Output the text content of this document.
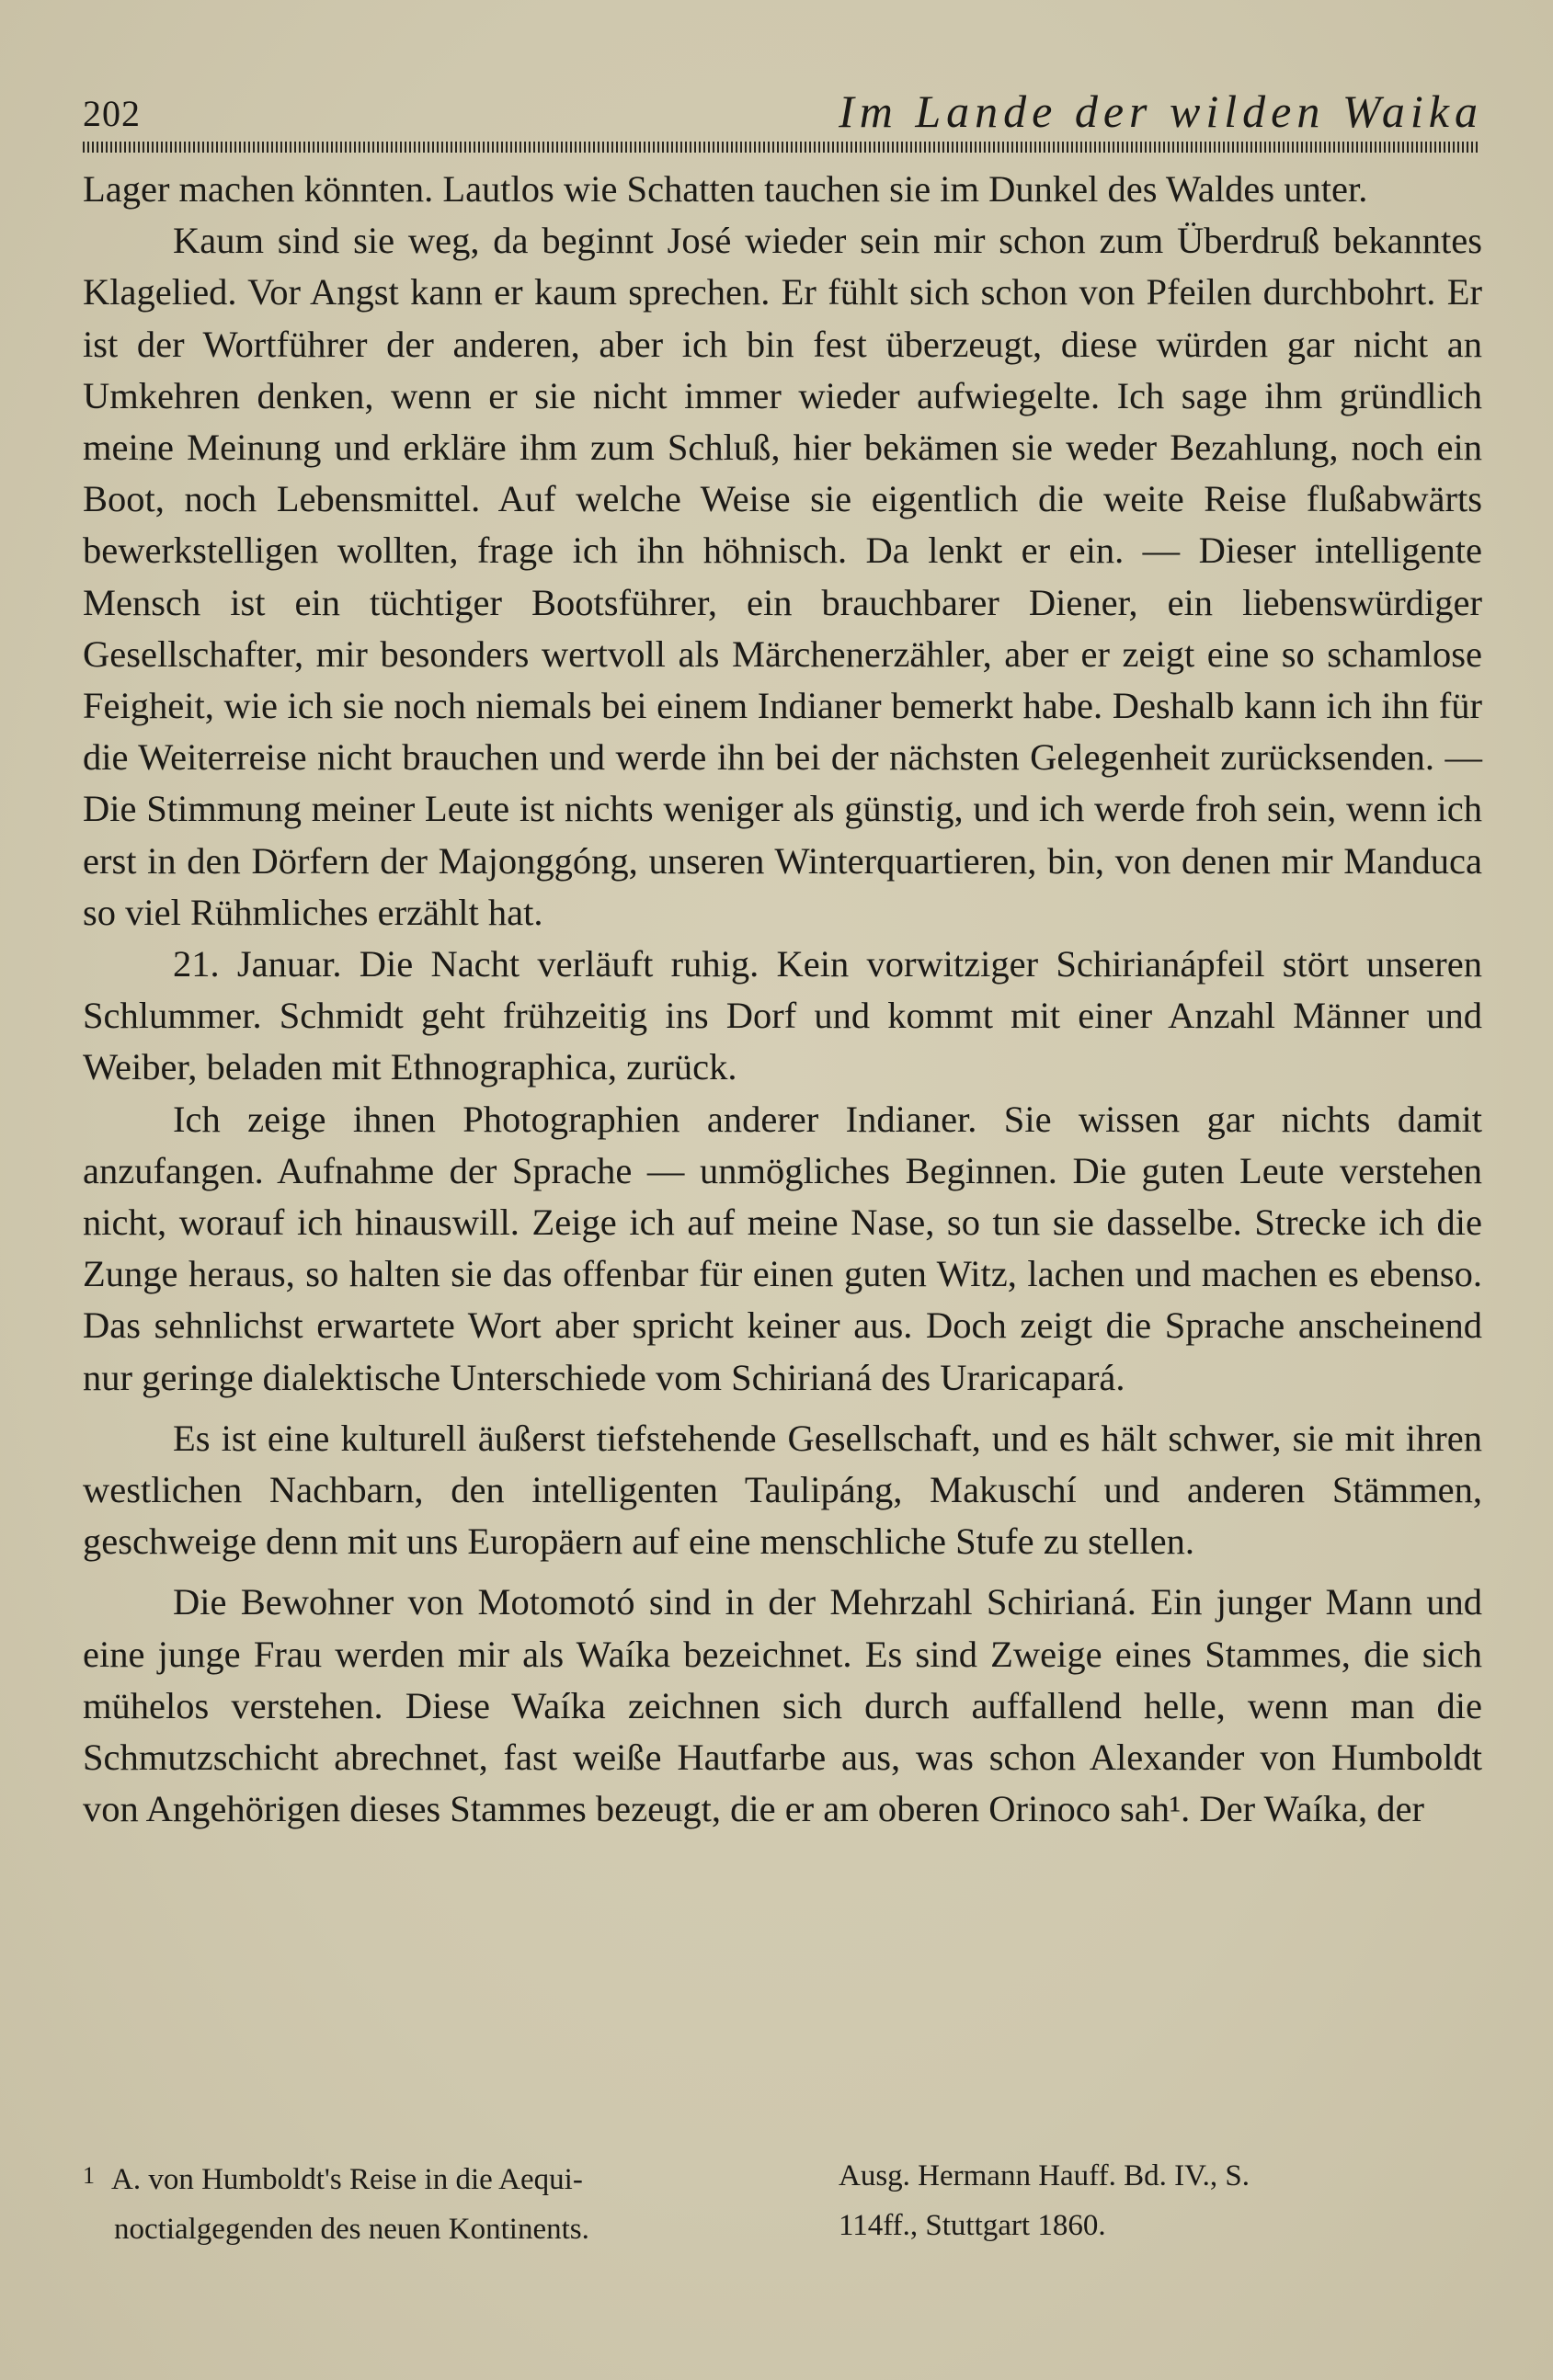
202	Im Lande der wilden Waika

Lager machen könnten. Lautlos wie Schatten tauchen sie im Dunkel des Waldes unter.

Kaum sind sie weg, da beginnt José wieder sein mir schon zum Überdruß bekanntes Klagelied. Vor Angst kann er kaum sprechen. Er fühlt sich schon von Pfeilen durchbohrt. Er ist der Wortführer der anderen, aber ich bin fest überzeugt, diese würden gar nicht an Umkehren denken, wenn er sie nicht immer wieder aufwiegelte. Ich sage ihm gründlich meine Meinung und erkläre ihm zum Schluß, hier bekämen sie weder Bezahlung, noch ein Boot, noch Lebensmittel. Auf welche Weise sie eigentlich die weite Reise flußabwärts bewerkstelligen wollten, frage ich ihn höhnisch. Da lenkt er ein. — Dieser intelligente Mensch ist ein tüchtiger Bootsführer, ein brauchbarer Diener, ein liebenswürdiger Gesellschafter, mir besonders wertvoll als Märchenerzähler, aber er zeigt eine so schamlose Feigheit, wie ich sie noch niemals bei einem Indianer bemerkt habe. Deshalb kann ich ihn für die Weiterreise nicht brauchen und werde ihn bei der nächsten Gelegenheit zurücksenden. — Die Stimmung meiner Leute ist nichts weniger als günstig, und ich werde froh sein, wenn ich erst in den Dörfern der Majonggóng, unseren Winterquartieren, bin, von denen mir Manduca so viel Rühmliches erzählt hat.

21. Januar. Die Nacht verläuft ruhig. Kein vorwitziger Schirianápfeil stört unseren Schlummer. Schmidt geht frühzeitig ins Dorf und kommt mit einer Anzahl Männer und Weiber, beladen mit Ethnographica, zurück.

Ich zeige ihnen Photographien anderer Indianer. Sie wissen gar nichts damit anzufangen. Aufnahme der Sprache — unmögliches Beginnen. Die guten Leute verstehen nicht, worauf ich hinauswill. Zeige ich auf meine Nase, so tun sie dasselbe. Strecke ich die Zunge heraus, so halten sie das offenbar für einen guten Witz, lachen und machen es ebenso. Das sehnlichst erwartete Wort aber spricht keiner aus. Doch zeigt die Sprache anscheinend nur geringe dialektische Unterschiede vom Schirianá des Uraricapará.

Es ist eine kulturell äußerst tiefstehende Gesellschaft, und es hält schwer, sie mit ihren westlichen Nachbarn, den intelligenten Taulipáng, Makuschí und anderen Stämmen, geschweige denn mit uns Europäern auf eine menschliche Stufe zu stellen.

Die Bewohner von Motomotó sind in der Mehrzahl Schirianá. Ein junger Mann und eine junge Frau werden mir als Waíka bezeichnet. Es sind Zweige eines Stammes, die sich mühelos verstehen. Diese Waíka zeichnen sich durch auffallend helle, wenn man die Schmutzschicht abrechnet, fast weiße Hautfarbe aus, was schon Alexander von Humboldt von Angehörigen dieses Stammes bezeugt, die er am oberen Orinoco sah¹. Der Waíka, der

1 A. von Humboldt's Reise in die Aequi-
noctialgegenden des neuen Kontinents.
Ausg. Hermann Hauff. Bd. IV., S.
114ff., Stuttgart 1860.
